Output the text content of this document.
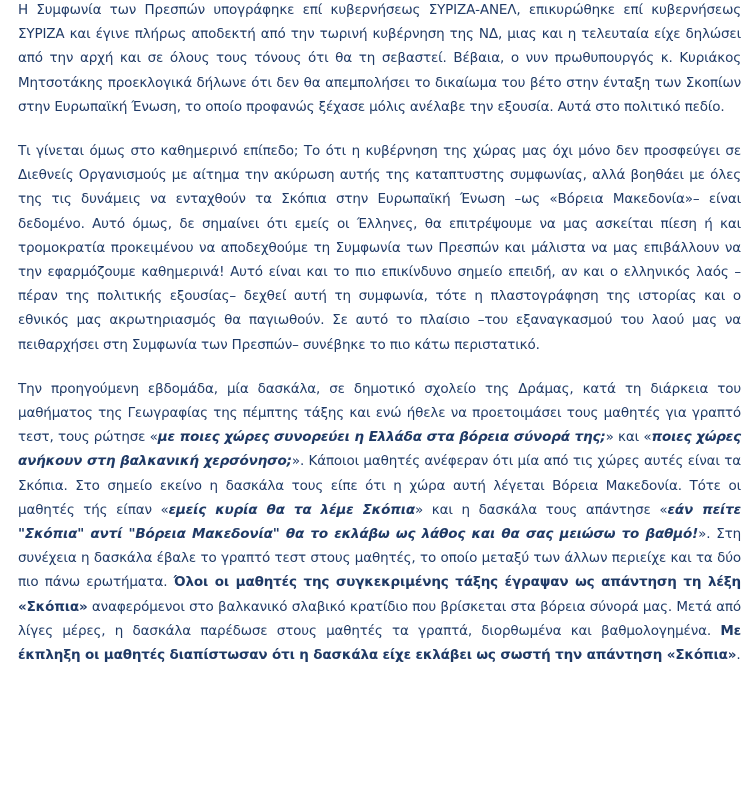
Η Συμφωνία των Πρεσπών υπογράφηκε επί κυβερνήσεως ΣΥΡΙΖΑ-ΑΝΕΛ, επικυρώθηκε επί κυβερνήσεως ΣΥΡΙΖΑ και έγινε πλήρως αποδεκτή από την τωρινή κυβέρνηση της ΝΔ, μιας και η τελευταία είχε δηλώσει από την αρχή και σε όλους τους τόνους ότι θα τη σεβαστεί. Βέβαια, ο νυν πρωθυπουργός κ. Κυριάκος Μητσοτάκης προεκλογικά δήλωνε ότι δεν θα απεμπολήσει το δικαίωμα του βέτο στην ένταξη των Σκοπίων στην Ευρωπαϊκή Ένωση, το οποίο προφανώς ξέχασε μόλις ανέλαβε την εξουσία. Αυτά στο πολιτικό πεδίο.

Τι γίνεται όμως στο καθημερινό επίπεδο; Το ότι η κυβέρνηση της χώρας μας όχι μόνο δεν προσφεύγει σε Διεθνείς Οργανισμούς με αίτημα την ακύρωση αυτής της καταπτυστης συμφωνίας, αλλά βοηθάει με όλες της τις δυνάμεις να ενταχθούν τα Σκόπια στην Ευρωπαϊκή Ένωση –ως «Βόρεια Μακεδονία»– είναι δεδομένο. Αυτό όμως, δε σημαίνει ότι εμείς οι Έλληνες, θα επιτρέψουμε να μας ασκείται πίεση ή και τρομοκρατία προκειμένου να αποδεχθούμε τη Συμφωνία των Πρεσπών και μάλιστα να μας επιβάλλουν να την εφαρμόζουμε καθημερινά! Αυτό είναι και το πιο επικίνδυνο σημείο επειδή, αν και ο ελληνικός λαός –πέραν της πολιτικής εξουσίας– δεχθεί αυτή τη συμφωνία, τότε η πλαστογράφηση της ιστορίας και ο εθνικός μας ακρωτηριασμός θα παγιωθούν. Σε αυτό το πλαίσιο –του εξαναγκασμού του λαού μας να πειθαρχήσει στη Συμφωνία των Πρεσπών– συνέβηκε το πιο κάτω περιστατικό.

Την προηγούμενη εβδομάδα, μία δασκάλα, σε δημοτικό σχολείο της Δράμας, κατά τη διάρκεια του μαθήματος της Γεωγραφίας της πέμπτης τάξης και ενώ ήθελε να προετοιμάσει τους μαθητές για γραπτό τεστ, τους ρώτησε «με ποιες χώρες συνορεύει η Ελλάδα στα βόρεια σύνορά της;» και «ποιες χώρες ανήκουν στη βαλκανική χερσόνησο;». Κάποιοι μαθητές ανέφεραν ότι μία από τις χώρες αυτές είναι τα Σκόπια. Στο σημείο εκείνο η δασκάλα τους είπε ότι η χώρα αυτή λέγεται Βόρεια Μακεδονία. Τότε οι μαθητές τής είπαν «εμείς κυρία θα τα λέμε Σκόπια» και η δασκάλα τους απάντησε «εάν πείτε "Σκόπια" αντί "Βόρεια Μακεδονία" θα το εκλάβω ως λάθος και θα σας μειώσω το βαθμό!». Στη συνέχεια η δασκάλα έβαλε το γραπτό τεστ στους μαθητές, το οποίο μεταξύ των άλλων περιείχε και τα δύο πιο πάνω ερωτήματα. Όλοι οι μαθητές της συγκεκριμένης τάξης έγραψαν ως απάντηση τη λέξη «Σκόπια» αναφερόμενοι στο βαλκανικό σλαβικό κρατίδιο που βρίσκεται στα βόρεια σύνορά μας. Μετά από λίγες μέρες, η δασκάλα παρέδωσε στους μαθητές τα γραπτά, διορθωμένα και βαθμολογημένα. Με έκπληξη οι μαθητές διαπίστωσαν ότι η δασκάλα είχε εκλάβει ως σωστή την απάντηση «Σκόπια».
